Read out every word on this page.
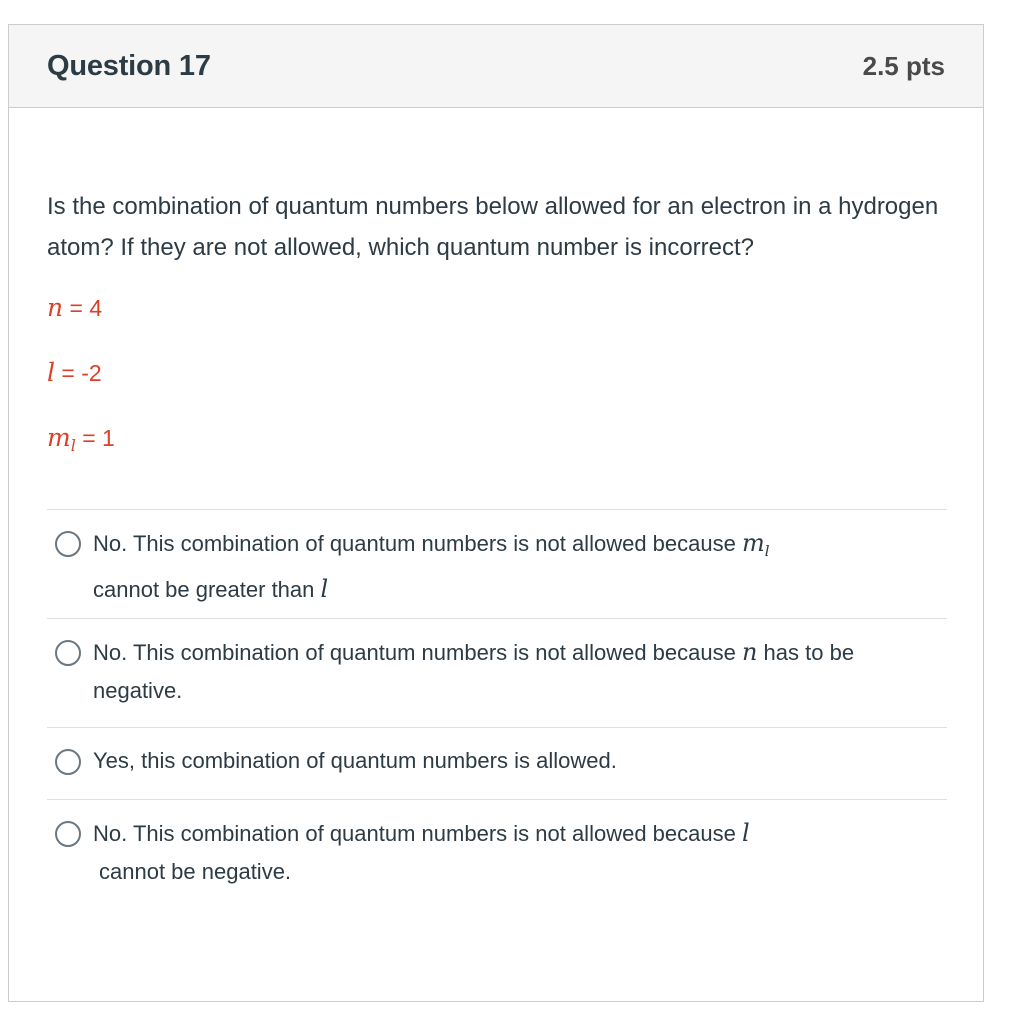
Question 17	2.5 pts

Is the combination of quantum numbers below allowed for an electron in a hydrogen atom? If they are not allowed, which quantum number is incorrect?

n = 4
l = -2
$m_l = 1$
No. This combination of quantum numbers is not allowed because $m_l$
cannot be greater than l
No. This combination of quantum numbers is not allowed because n has to be negative.
Yes, this combination of quantum numbers is allowed.
No. This combination of quantum numbers is not allowed because l
cannot be negative.
